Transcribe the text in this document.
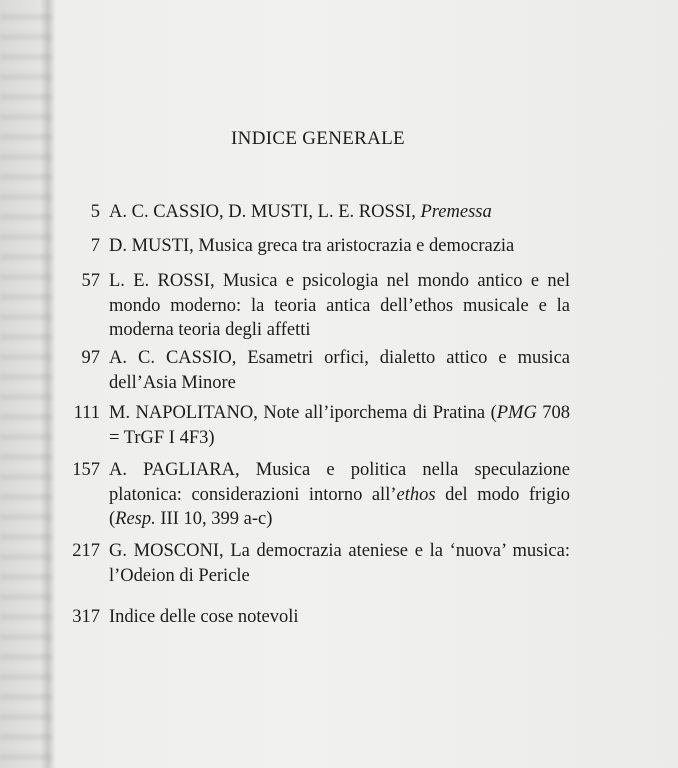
INDICE GENERALE
5 A. C. CASSIO, D. MUSTI, L. E. ROSSI, Premessa
7 D. MUSTI, Musica greca tra aristocrazia e democrazia
57 L. E. ROSSI, Musica e psicologia nel mondo antico e nel mondo moderno: la teoria antica dell’ethos musicale e la moderna teoria degli affetti
97 A. C. CASSIO, Esametri orfici, dialetto attico e musica dell’Asia Minore
111 M. NAPOLITANO, Note all’iporchema di Pratina (PMG 708 = TrGF I 4F3)
157 A. PAGLIARA, Musica e politica nella speculazione platonica: considerazioni intorno all’ethos del modo frigio (Resp. III 10, 399 a-c)
217 G. MOSCONI, La democrazia ateniese e la ‘nuova’ musica: l’Odeion di Pericle
317 Indice delle cose notevoli
